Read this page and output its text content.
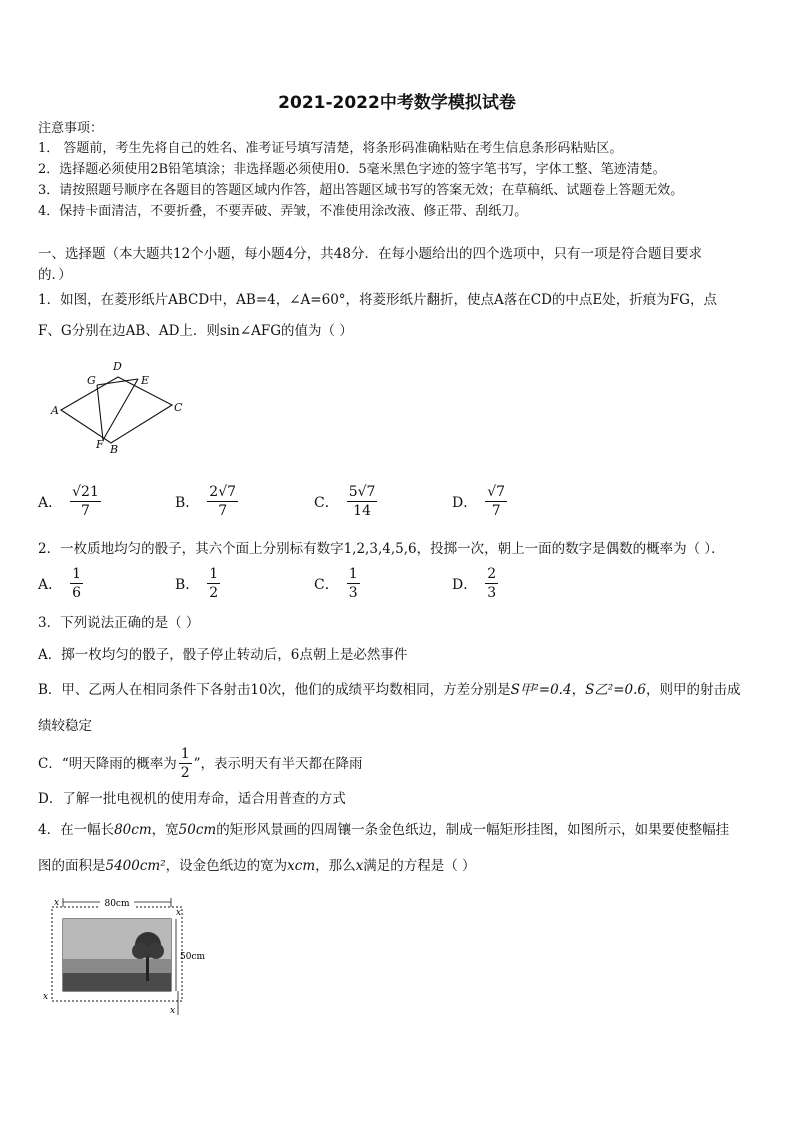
2021-2022中考数学模拟试卷
注意事项：
1． 答题前，考生先将自己的姓名、准考证号填写清楚，将条形码准确粘贴在考生信息条形码粘贴区。
2．选择题必须使用2B铅笔填涂；非选择题必须使用0．5毫米黑色字迹的签字笔书写，字体工整、笔迹清楚。
3．请按照题号顺序在各题目的答题区域内作答，超出答题区域书写的答案无效；在草稿纸、试题卷上答题无效。
4．保持卡面清洁，不要折叠，不要弄破、弄皱，不准使用涂改液、修正带、刮纸刀。
一、选择题（本大题共12个小题，每小题4分，共48分．在每小题给出的四个选项中，只有一项是符合题目要求
的．）
1．如图，在菱形纸片ABCD中，AB=4，∠A=60°，将菱形纸片翻折，使点A落在CD的中点E处，折痕为FG，点
F、G分别在边AB、AD上．则sin∠AFG的值为（ ）
A
D
G	E
C
F B
A． $\frac{√21}{7}$	B． $\frac{2√7}{7}$	C． $\frac{5√7}{14}$	D． $\frac{√7}{7}$
2．一枚质地均匀的骰子，其六个面上分别标有数字1,2,3,4,5,6，投掷一次，朝上一面的数字是偶数的概率为（ ）．
A． $\frac{1}{6}$	B． $\frac{1}{2}$	C． $\frac{1}{3}$	D． $\frac{2}{3}$
3．下列说法正确的是（ ）
A．掷一枚均匀的骰子，骰子停止转动后，6点朝上是必然事件
B．甲、乙两人在相同条件下各射击10次，他们的成绩平均数相同，方差分别是S甲²=0.4，S乙²=0.6，则甲的射击成
绩较稳定
C．“明天降雨的概率为 $\frac{1}{2}$ ”，表示明天有半天都在降雨
D．了解一批电视机的使用寿命，适合用普查的方式
4．在一幅长80cm，宽50cm的矩形风景画的四周镶一条金色纸边，制成一幅矩形挂图，如图所示，如果要使整幅挂
图的面积是5400cm²，设金色纸边的宽为xcm，那么x满足的方程是（ ）
80cm
50cm
x
x
x
x
